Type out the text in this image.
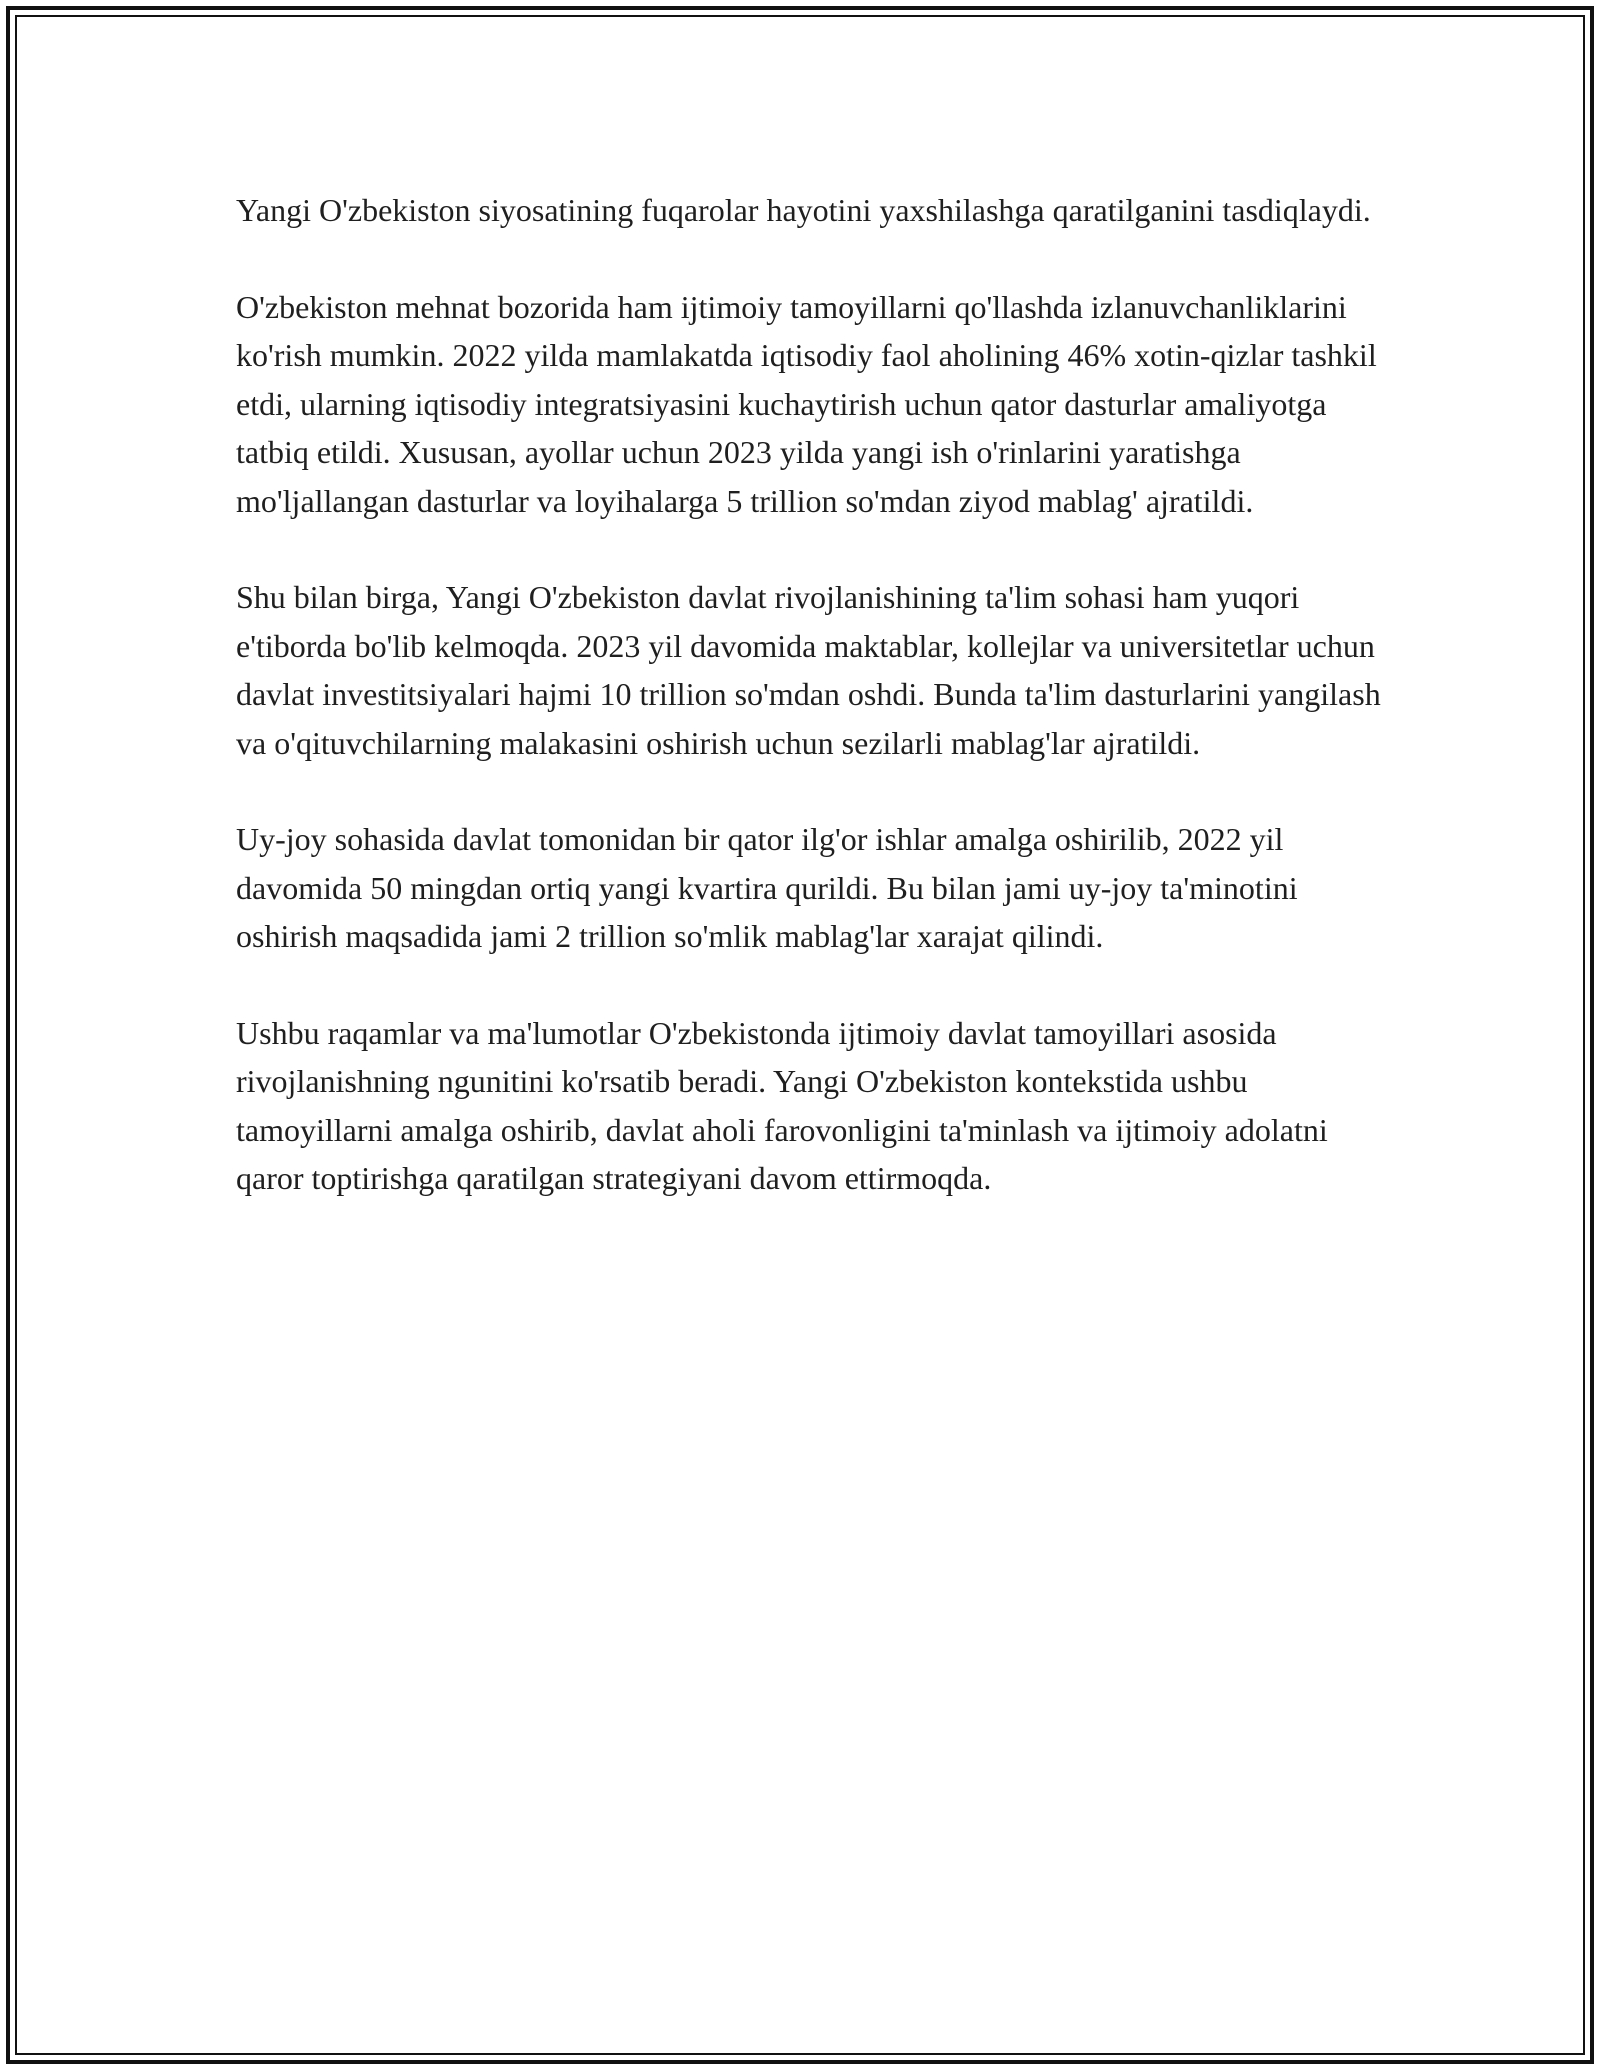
Yangi O'zbekiston siyosatining fuqarolar hayotini yaxshilashga qaratilganini tasdiqlaydi.

O'zbekiston mehnat bozorida ham ijtimoiy tamoyillarni qo'llashda izlanuvchanliklarini ko'rish mumkin. 2022 yilda mamlakatda iqtisodiy faol aholining 46% xotin-qizlar tashkil etdi, ularning iqtisodiy integratsiyasini kuchaytirish uchun qator dasturlar amaliyotga tatbiq etildi. Xususan, ayollar uchun 2023 yilda yangi ish o'rinlarini yaratishga mo'ljallangan dasturlar va loyihalarga 5 trillion so'mdan ziyod mablag' ajratildi.

Shu bilan birga, Yangi O'zbekiston davlat rivojlanishining ta'lim sohasi ham yuqori e'tiborda bo'lib kelmoqda. 2023 yil davomida maktablar, kollejlar va universitetlar uchun davlat investitsiyalari hajmi 10 trillion so'mdan oshdi. Bunda ta'lim dasturlarini yangilash va o'qituvchilarning malakasini oshirish uchun sezilarli mablag'lar ajratildi.

Uy-joy sohasida davlat tomonidan bir qator ilg'or ishlar amalga oshirilib, 2022 yil davomida 50 mingdan ortiq yangi kvartira qurildi. Bu bilan jami uy-joy ta'minotini oshirish maqsadida jami 2 trillion so'mlik mablag'lar xarajat qilindi.

Ushbu raqamlar va ma'lumotlar O'zbekistonda ijtimoiy davlat tamoyillari asosida rivojlanishning ngunitini ko'rsatib beradi. Yangi O'zbekiston kontekstida ushbu tamoyillarni amalga oshirib, davlat aholi farovonligini ta'minlash va ijtimoiy adolatni qaror toptirishga qaratilgan strategiyani davom ettirmoqda.
